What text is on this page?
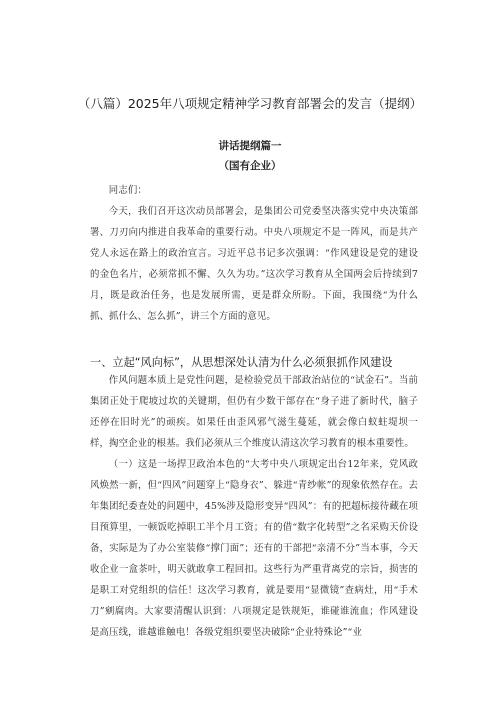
（八篇）2025年八项规定精神学习教育部署会的发言（提纲）
讲话提纲篇一
（国有企业）

同志们：

今天，我们召开这次动员部署会，是集团公司党委坚决落实党中央决策部署、刀刃向内推进自我革命的重要行动。中央八项规定不是一阵风，而是共产党人永远在路上的政治宣言。习近平总书记多次强调：“作风建设是党的建设的金色名片，必须常抓不懈、久久为功。”这次学习教育从全国两会后持续到7月，既是政治任务，也是发展所需，更是群众所盼。下面，我围绕“为什么抓、抓什么、怎么抓”，讲三个方面的意见。

一、立起“风向标”，从思想深处认清为什么必须狠抓作风建设

作风问题本质上是党性问题，是检验党员干部政治站位的“试金石”。当前集团正处于爬坡过坎的关键期，但仍有少数干部存在“身子进了新时代，脑子还停在旧时光”的顽疾。如果任由歪风邪气滋生蔓延，就会像白蚁蛀堤坝一样，掏空企业的根基。我们必须从三个维度认清这次学习教育的根本重要性。

（一）这是一场捍卫政治本色的“大考中央八项规定出台12年来，党风政风焕然一新，但“四风”问题穿上“隐身衣”、躲进“青纱帐”的现象依然存在。去年集团纪委查处的问题中，45%涉及隐形变异“四风”：有的把超标接待藏在项目预算里，一顿饭吃掉职工半个月工资；有的借“数字化转型”之名采购天价设备，实际是为了办公室装修“撑门面”；还有的干部把“亲清不分”当本事，今天收企业一盒茶叶，明天就敢拿工程回扣。这些行为严重背离党的宗旨，损害的是职工对党组织的信任！这次学习教育，就是要用“显微镜”查病灶，用“手术刀”剜腐肉。大家要清醒认识到：八项规定是铁规矩，谁碰谁流血；作风建设是高压线，谁越谁触电！各级党组织要坚决破除“企业特殊论”“业
